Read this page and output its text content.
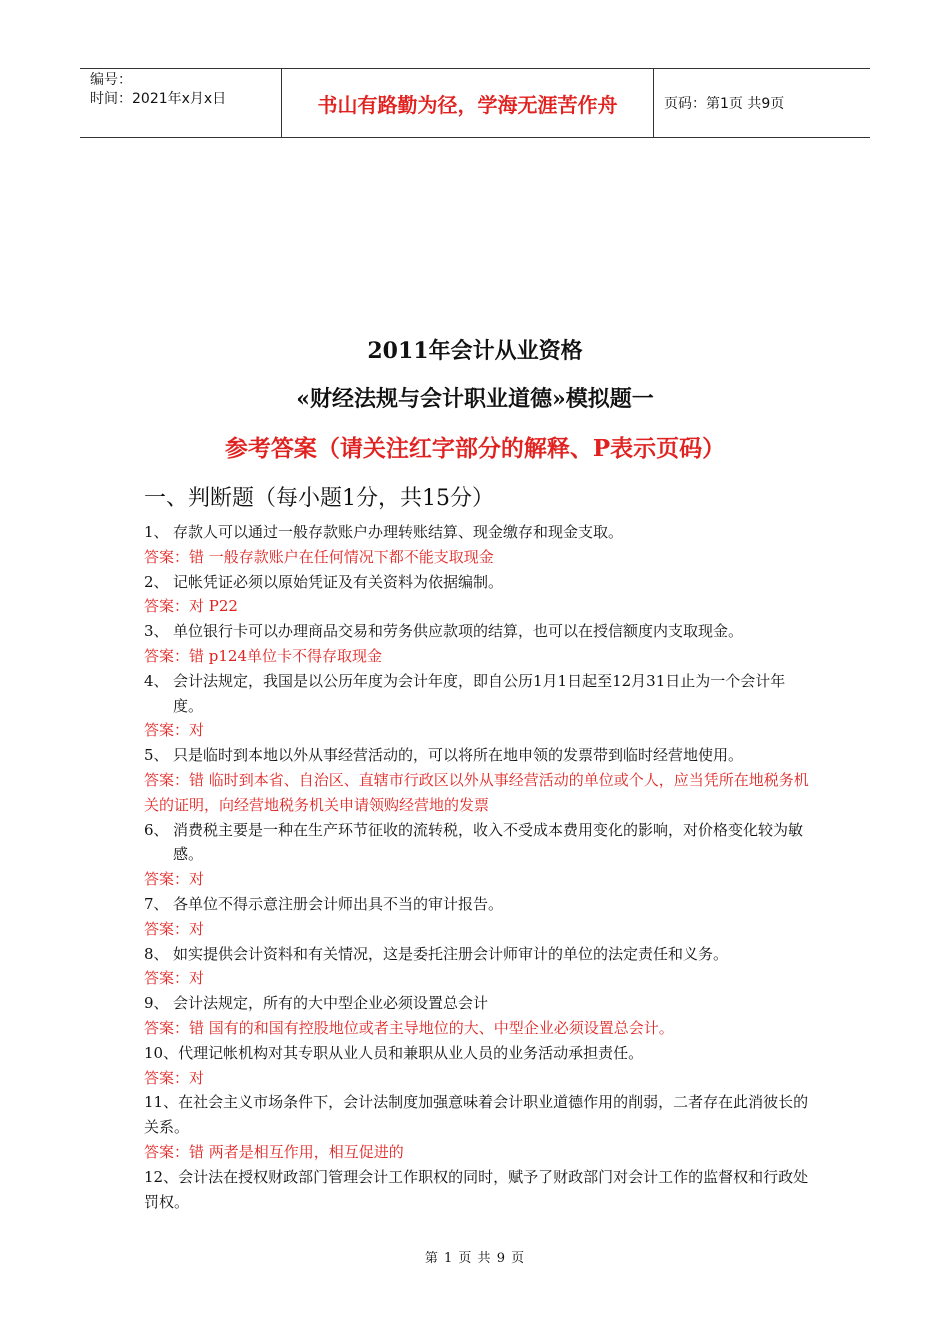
编号：
时间：2021年x月x日	书山有路勤为径，学海无涯苦作舟	页码：第1页 共9页
2011年会计从业资格
«财经法规与会计职业道德»模拟题一
参考答案（请关注红字部分的解释、P表示页码）
一、判断题（每小题1分，共15分）
1、 存款人可以通过一般存款账户办理转账结算、现金缴存和现金支取。
答案：错 一般存款账户在任何情况下都不能支取现金
2、 记帐凭证必须以原始凭证及有关资料为依据编制。
答案：对 P22
3、 单位银行卡可以办理商品交易和劳务供应款项的结算，也可以在授信额度内支取现金。
答案：错 p124单位卡不得存取现金
4、 会计法规定，我国是以公历年度为会计年度，即自公历1月1日起至12月31日止为一个会计年度。
答案：对
5、 只是临时到本地以外从事经营活动的，可以将所在地申领的发票带到临时经营地使用。
答案：错 临时到本省、自治区、直辖市行政区以外从事经营活动的单位或个人，应当凭所在地税务机关的证明，向经营地税务机关申请领购经营地的发票
6、 消费税主要是一种在生产环节征收的流转税，收入不受成本费用变化的影响，对价格变化较为敏感。
答案：对
7、 各单位不得示意注册会计师出具不当的审计报告。
答案：对
8、 如实提供会计资料和有关情况，这是委托注册会计师审计的单位的法定责任和义务。
答案：对
9、 会计法规定，所有的大中型企业必须设置总会计
答案：错 国有的和国有控股地位或者主导地位的大、中型企业必须设置总会计。
10、代理记帐机构对其专职从业人员和兼职从业人员的业务活动承担责任。
答案：对
11、在社会主义市场条件下，会计法制度加强意味着会计职业道德作用的削弱，二者存在此消彼长的关系。
答案：错 两者是相互作用，相互促进的
12、会计法在授权财政部门管理会计工作职权的同时，赋予了财政部门对会计工作的监督权和行政处罚权。
第 1 页 共 9 页
